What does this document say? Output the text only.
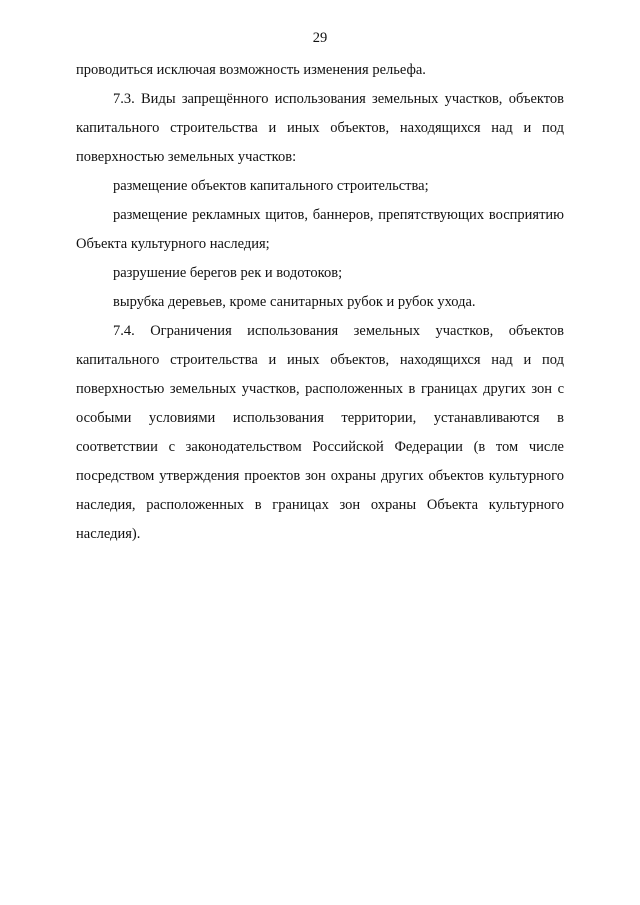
29

проводиться исключая возможность изменения рельефа.

7.3. Виды запрещённого использования земельных участков, объектов капитального строительства и иных объектов, находящихся над и под поверхностью земельных участков:

размещение объектов капитального строительства;

размещение рекламных щитов, баннеров, препятствующих восприятию Объекта культурного наследия;

разрушение берегов рек и водотоков;

вырубка деревьев, кроме санитарных рубок и рубок ухода.

7.4. Ограничения использования земельных участков, объектов капитального строительства и иных объектов, находящихся над и под поверхностью земельных участков, расположенных в границах других зон с особыми условиями использования территории, устанавливаются в соответствии с законодательством Российской Федерации (в том числе посредством утверждения проектов зон охраны других объектов культурного наследия, расположенных в границах зон охраны Объекта культурного наследия).
